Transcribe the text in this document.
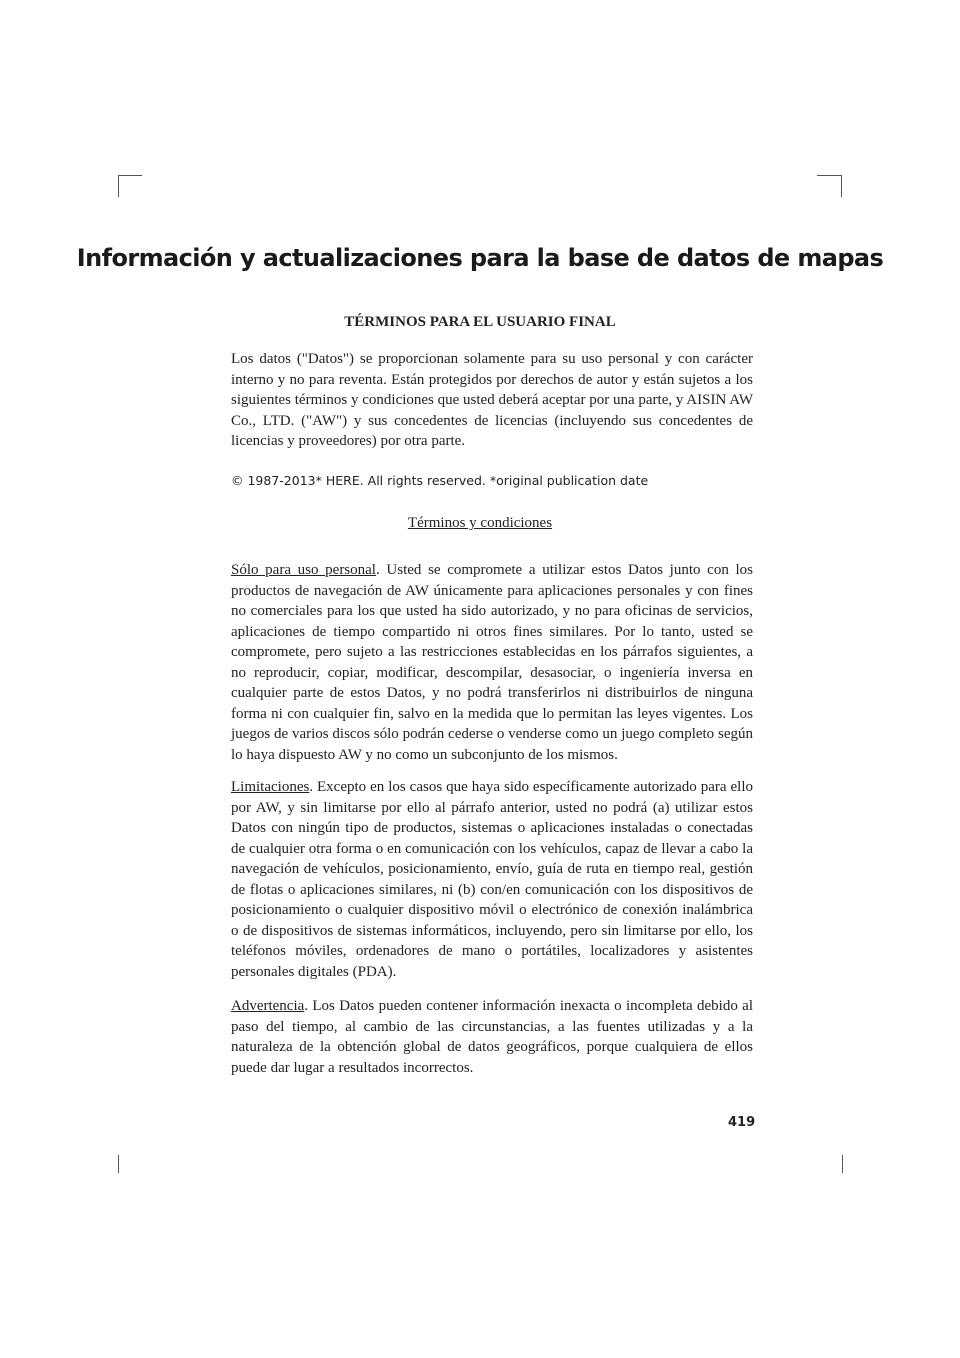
Información y actualizaciones para la base de datos de mapas
TÉRMINOS PARA EL USUARIO FINAL

Los datos ("Datos") se proporcionan solamente para su uso personal y con carácter interno y no para reventa. Están protegidos por derechos de autor y están sujetos a los siguientes términos y condiciones que usted deberá aceptar por una parte, y AISIN AW Co., LTD. ("AW") y sus concedentes de licencias (incluyendo sus concedentes de licencias y proveedores) por otra parte.

© 1987-2013* HERE. All rights reserved. *original publication date
Términos y condiciones

Sólo para uso personal. Usted se compromete a utilizar estos Datos junto con los productos de navegación de AW únicamente para aplicaciones personales y con fines no comerciales para los que usted ha sido autorizado, y no para oficinas de servicios, aplicaciones de tiempo compartido ni otros fines similares. Por lo tanto, usted se compromete, pero sujeto a las restricciones establecidas en los párrafos siguientes, a no reproducir, copiar, modificar, descompilar, desasociar, o ingeniería inversa en cualquier parte de estos Datos, y no podrá transferirlos ni distribuirlos de ninguna forma ni con cualquier fin, salvo en la medida que lo permitan las leyes vigentes. Los juegos de varios discos sólo podrán cederse o venderse como un juego completo según lo haya dispuesto AW y no como un subconjunto de los mismos.

Limitaciones. Excepto en los casos que haya sido específicamente autorizado para ello por AW, y sin limitarse por ello al párrafo anterior, usted no podrá (a) utilizar estos Datos con ningún tipo de productos, sistemas o aplicaciones instaladas o conectadas de cualquier otra forma o en comunicación con los vehículos, capaz de llevar a cabo la navegación de vehículos, posicionamiento, envío, guía de ruta en tiempo real, gestión de flotas o aplicaciones similares, ni (b) con/en comunicación con los dispositivos de posicionamiento o cualquier dispositivo móvil o electrónico de conexión inalámbrica o de dispositivos de sistemas informáticos, incluyendo, pero sin limitarse por ello, los teléfonos móviles, ordenadores de mano o portátiles, localizadores y asistentes personales digitales (PDA).

Advertencia. Los Datos pueden contener información inexacta o incompleta debido al paso del tiempo, al cambio de las circunstancias, a las fuentes utilizadas y a la naturaleza de la obtención global de datos geográficos, porque cualquiera de ellos puede dar lugar a resultados incorrectos.

419
